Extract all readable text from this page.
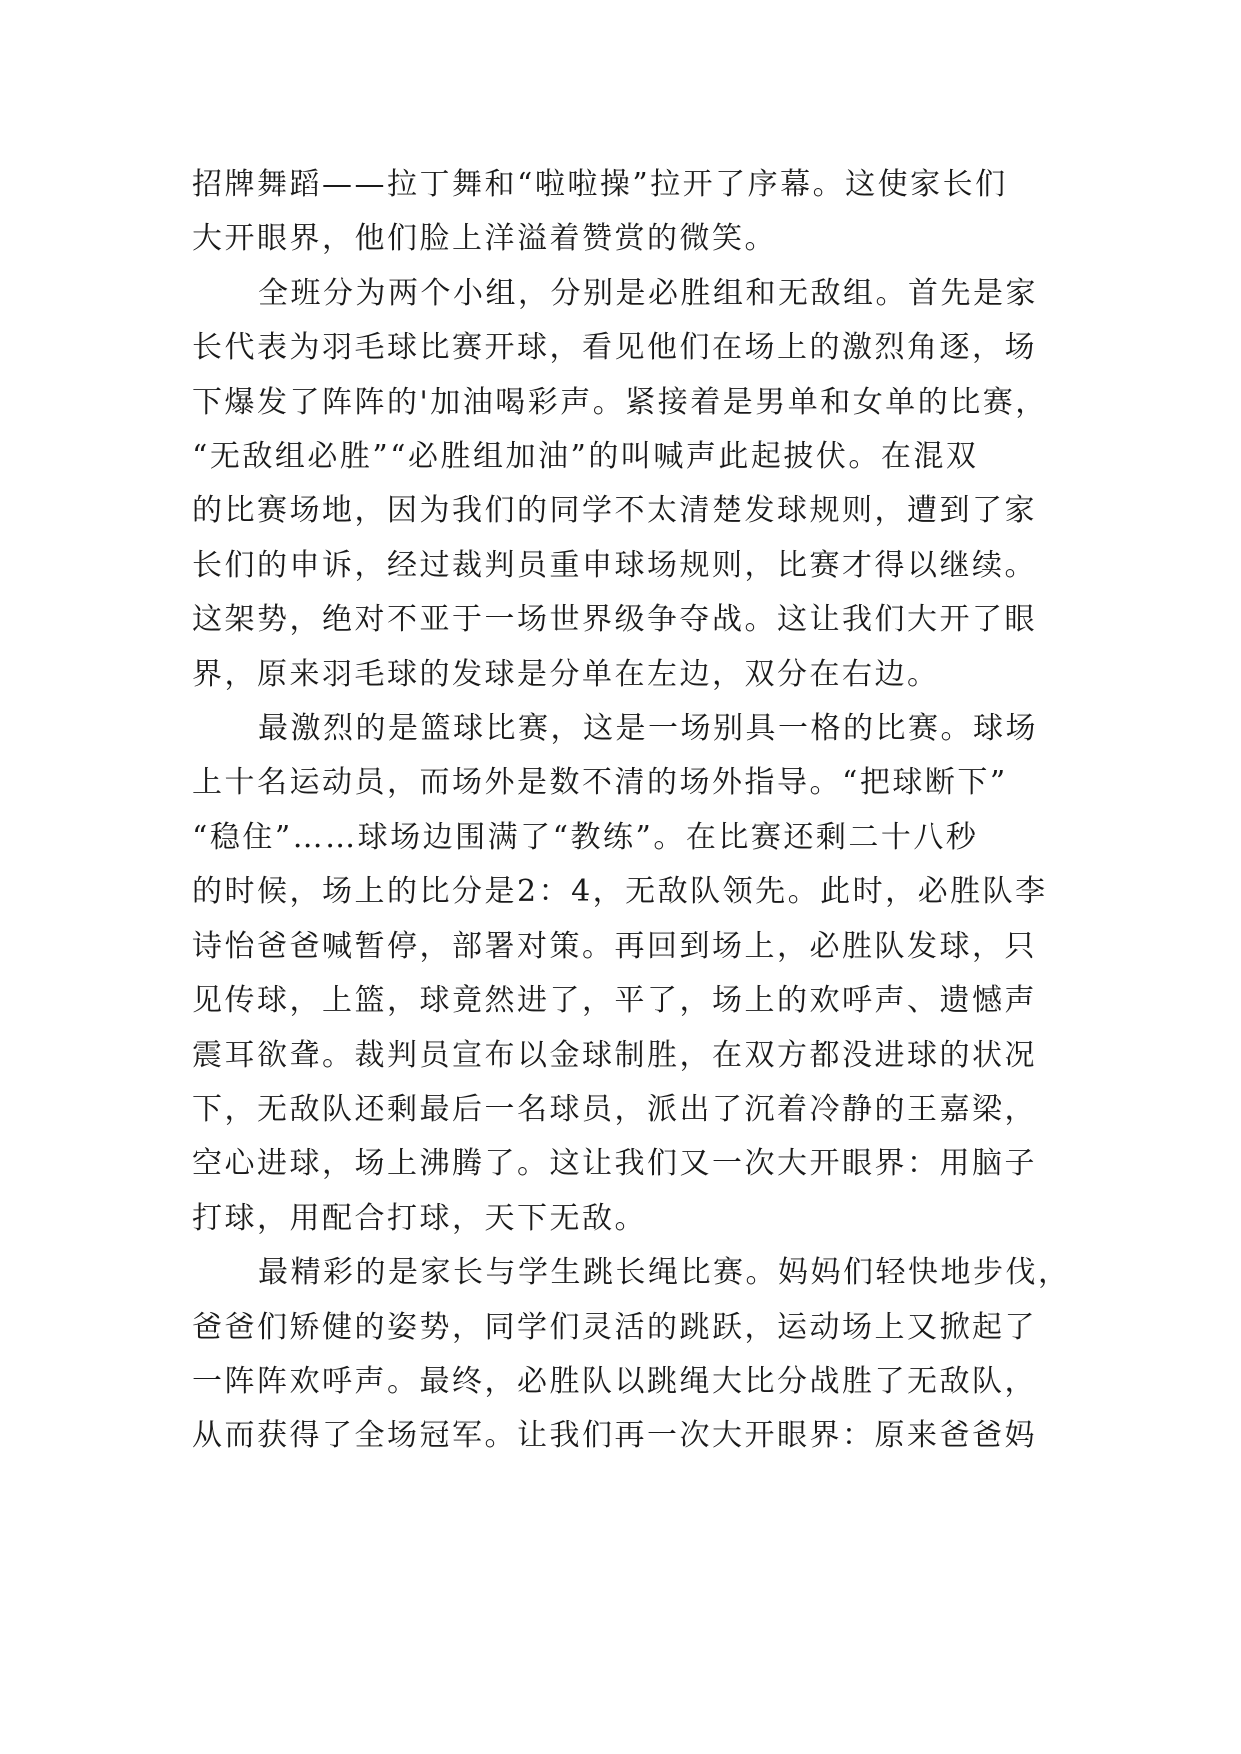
招牌舞蹈——拉丁舞和“啦啦操”拉开了序幕。这使家长们
大开眼界，他们脸上洋溢着赞赏的微笑。
全班分为两个小组，分别是必胜组和无敌组。首先是家
长代表为羽毛球比赛开球，看见他们在场上的激烈角逐，场
下爆发了阵阵的'加油喝彩声。紧接着是男单和女单的比赛，
“无敌组必胜”“必胜组加油”的叫喊声此起披伏。在混双
的比赛场地，因为我们的同学不太清楚发球规则，遭到了家
长们的申诉，经过裁判员重申球场规则，比赛才得以继续。
这架势，绝对不亚于一场世界级争夺战。这让我们大开了眼
界，原来羽毛球的发球是分单在左边，双分在右边。
最激烈的是篮球比赛，这是一场别具一格的比赛。球场
上十名运动员，而场外是数不清的场外指导。“把球断下”
“稳住”……球场边围满了“教练”。在比赛还剩二十八秒
的时候，场上的比分是2：4，无敌队领先。此时，必胜队李
诗怡爸爸喊暂停，部署对策。再回到场上，必胜队发球，只
见传球，上篮，球竟然进了，平了，场上的欢呼声、遗憾声
震耳欲聋。裁判员宣布以金球制胜，在双方都没进球的状况
下，无敌队还剩最后一名球员，派出了沉着冷静的王嘉梁，
空心进球，场上沸腾了。这让我们又一次大开眼界：用脑子
打球，用配合打球，天下无敌。
最精彩的是家长与学生跳长绳比赛。妈妈们轻快地步伐，
爸爸们矫健的姿势，同学们灵活的跳跃，运动场上又掀起了
一阵阵欢呼声。最终，必胜队以跳绳大比分战胜了无敌队，
从而获得了全场冠军。让我们再一次大开眼界：原来爸爸妈
